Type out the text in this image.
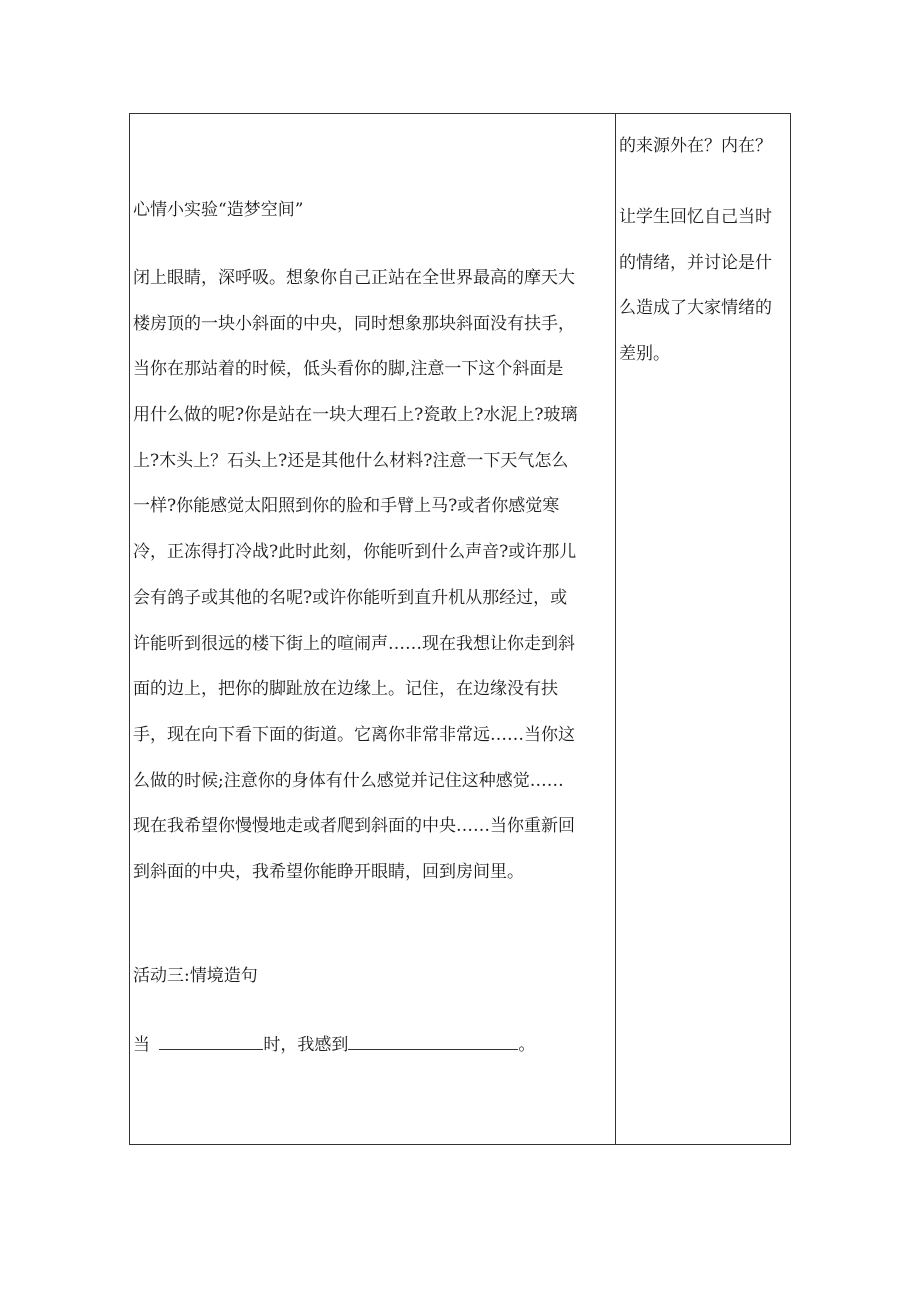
心情小实验“造梦空间”

闭上眼睛，深呼吸。想象你自己正站在全世界最高的摩天大
楼房顶的一块小斜面的中央，同时想象那块斜面没有扶手，
当你在那站着的时候，低头看你的脚,注意一下这个斜面是
用什么做的呢?你是站在一块大理石上?瓷敢上?水泥上?玻璃
上?木头上？石头上?还是其他什么材料?注意一下天气怎么
一样?你能感觉太阳照到你的脸和手臂上马?或者你感觉寒
冷，正冻得打冷战?此时此刻，你能听到什么声音?或许那儿
会有鸽子或其他的名呢?或许你能听到直升机从那经过，或
许能听到很远的楼下街上的喧闹声……现在我想让你走到斜
面的边上，把你的脚趾放在边缘上。记住，在边缘没有扶
手，现在向下看下面的街道。它离你非常非常远……当你这
么做的时候;注意你的身体有什么感觉并记住这种感觉……
现在我希望你慢慢地走或者爬到斜面的中央……当你重新回
到斜面的中央，我希望你能睁开眼睛，回到房间里。

活动三:情境造句

当	时，我感到	。

的来源外在？内在？

让学生回忆自己当时
的情绪，并讨论是什
么造成了大家情绪的
差别。
